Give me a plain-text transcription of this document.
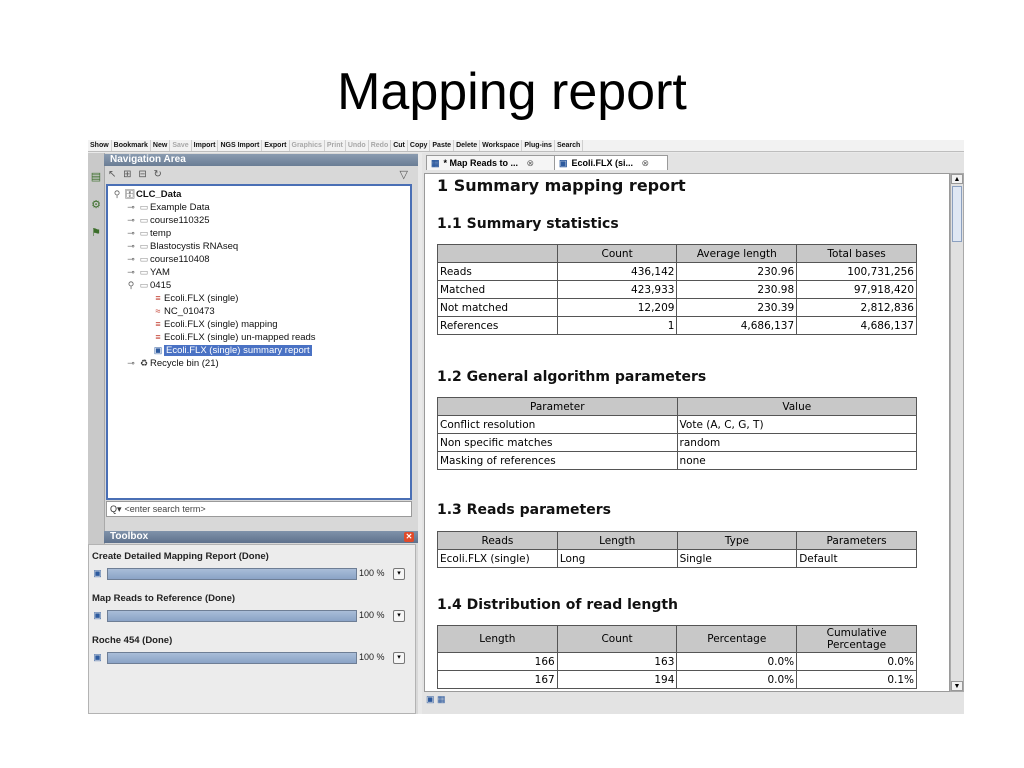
Mapping report
Show Bookmark New Save Import NGS Import Export Graphics Print Undo Redo Cut Copy Paste Delete Workspace Plug-ins Search
▤
⚙
⚑
Navigation Area
↖ ⊞ ⊟ ↻	▽
⚲ 🗄CLC_Data
⊸ ▭ Example Data
⊸ ▭ course110325
⊸ ▭ temp
⊸ ▭ Blastocystis RNAseq
⊸ ▭ course110408
⊸ ▭ YAM
⚲ ▭ 0415
≡ Ecoli.FLX (single)
≈ NC_010473
≡ Ecoli.FLX (single) mapping
≡ Ecoli.FLX (single) un-mapped reads
▣ Ecoli.FLX (single) summary report
⊸ ♻ Recycle bin (21)
Q▾ <enter search term>
Toolbox	✕
Create Detailed Mapping Report (Done)
▣	100 %	▾
Map Reads to Reference (Done)
▣	100 %	▾
Roche 454 (Done)
▣	100 %	▾
▦ * Map Reads to ... ⊗	▣ Ecoli.FLX (si... ⊗
1 Summary mapping report
1.1 Summary statistics
	Count	Average length	Total bases
Reads	436,142	230.96	100,731,256
Matched	423,933	230.98	97,918,420
Not matched	12,209	230.39	2,812,836
References	1	4,686,137	4,686,137
1.2 General algorithm parameters
Parameter	Value
Conflict resolution	Vote (A, C, G, T)
Non specific matches	random
Masking of references	none
1.3 Reads parameters
Reads	Length	Type	Parameters
Ecoli.FLX (single)	Long	Single	Default
1.4 Distribution of read length
Length	Count	Percentage	Cumulative Percentage
166	163	0.0%	0.0%
167	194	0.0%	0.1%
▲
▼
▣ ▦
